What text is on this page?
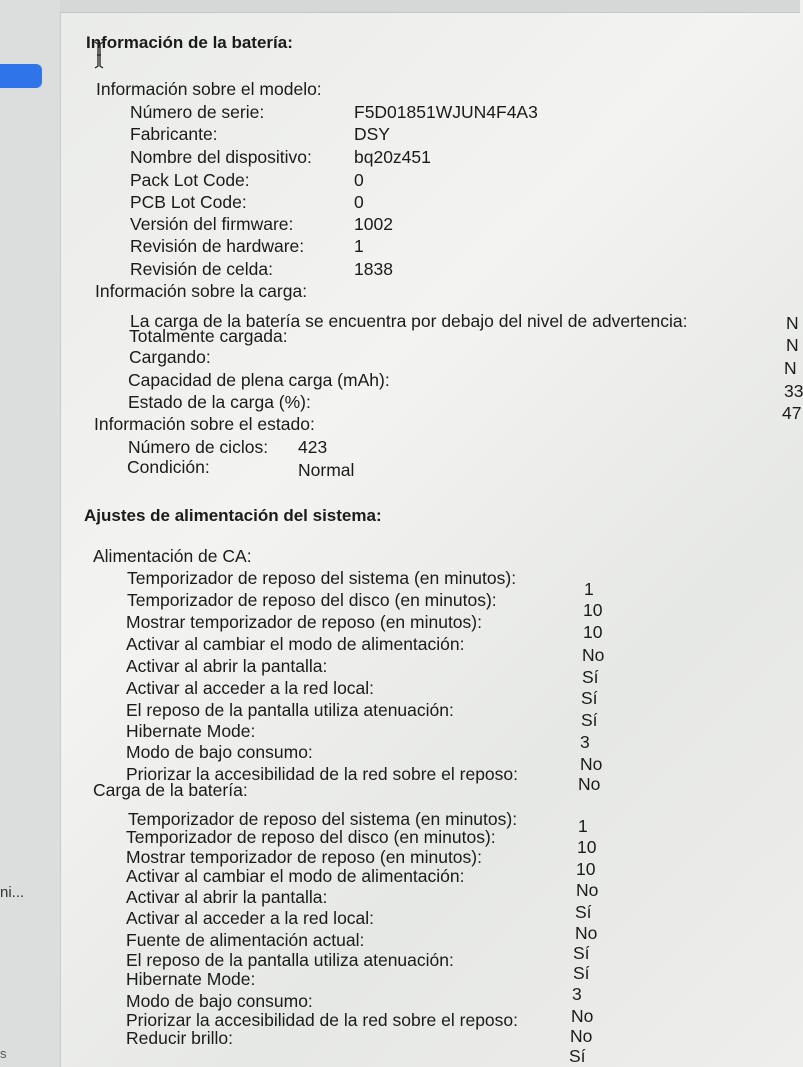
ni...
s
Información de la batería:
Información sobre el modelo:
Número de serie:	F5D01851WJUN4F4A3
Fabricante:	DSY
Nombre del dispositivo: bq20z451
Pack Lot Code:	0
PCB Lot Code:	0
Versión del firmware:	1002
Revisión de hardware:	1
Revisión de celda:	1838
Información sobre la carga:
La carga de la batería se encuentra por debajo del nivel de advertencia:	N
Totalmente cargada:	N
Cargando:
N
Capacidad de plena carga (mAh):
33
Estado de la carga (%):
47
Información sobre el estado:
Número de ciclos: 423
Condición:	Normal
Ajustes de alimentación del sistema:
Alimentación de CA:
Temporizador de reposo del sistema (en minutos):
1
Temporizador de reposo del disco (en minutos):	10
Mostrar temporizador de reposo (en minutos):	10
Activar al cambiar el modo de alimentación:
No
Activar al abrir la pantalla:
Sí
Activar al acceder a la red local:	Sí
El reposo de la pantalla utiliza atenuación:	Sí
Hibernate Mode:
3
Modo de bajo consumo:
No
Priorizar la accesibilidad de la red sobre el reposo:	No
Carga de la batería:
Temporizador de reposo del sistema (en minutos):	1
Temporizador de reposo del disco (en minutos):	10
Mostrar temporizador de reposo (en minutos):
10
Activar al cambiar el modo de alimentación:
No
Activar al abrir la pantalla:
Sí
Activar al acceder a la red local:
No
Fuente de alimentación actual:
Sí
El reposo de la pantalla utiliza atenuación:
Sí
Hibernate Mode:
3
Modo de bajo consumo:
No
Priorizar la accesibilidad de la red sobre el reposo:
No
Reducir brillo:
Sí
